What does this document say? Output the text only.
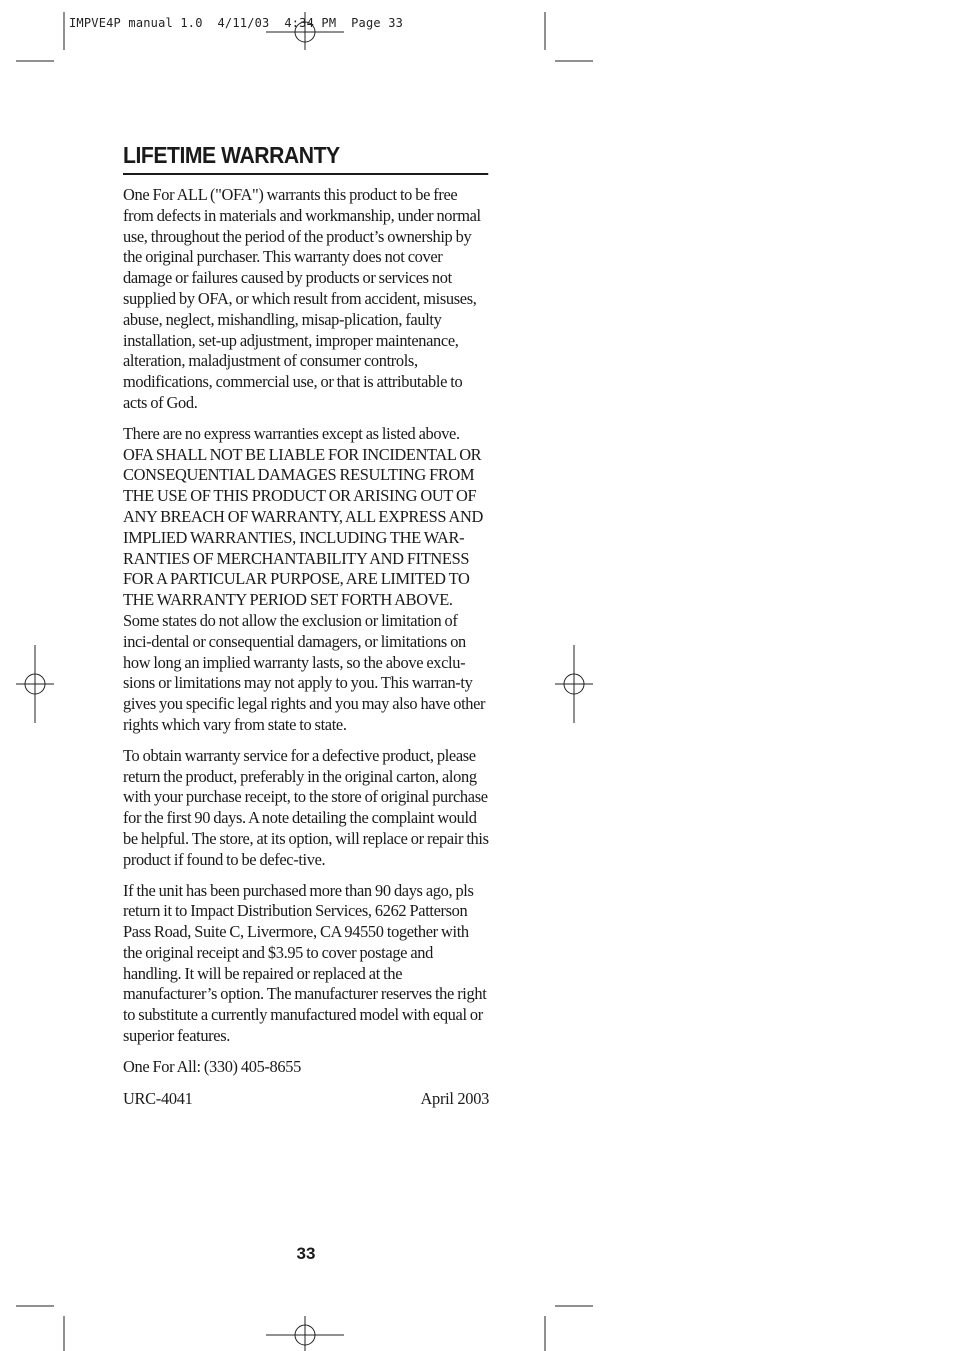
IMPVE4P manual 1.0  4/11/03  4:34 PM  Page 33
LIFETIME WARRANTY

One For ALL ("OFA") warrants this product to be free from defects in materials and workmanship, under normal use, throughout the period of the product’s ownership by the original purchaser. This warranty does not cover damage or failures caused by products or services not supplied by OFA, or which result from accident, misuses, abuse, neglect, mishandling, misap-plication, faulty installation, set-up adjustment, improper maintenance, alteration, maladjustment of consumer controls, modifications, commercial use, or that is attributable to acts of God.

There are no express warranties except as listed above. OFA SHALL NOT BE LIABLE FOR INCIDENTAL OR CONSEQUENTIAL DAMAGES RESULTING FROM THE USE OF THIS PRODUCT OR ARISING OUT OF ANY BREACH OF WARRANTY, ALL EXPRESS AND IMPLIED WARRANTIES, INCLUDING THE WAR-RANTIES OF MERCHANTABILITY AND FITNESS FOR A PARTICULAR PURPOSE, ARE LIMITED TO THE WARRANTY PERIOD SET FORTH ABOVE. Some states do not allow the exclusion or limitation of inci-dental or consequential damagers, or limitations on how long an implied warranty lasts, so the above exclu-sions or limitations may not apply to you. This warran-ty gives you specific legal rights and you may also have other rights which vary from state to state.

To obtain warranty service for a defective product, please return the product, preferably in the original carton, along with your purchase receipt, to the store of original purchase for the first 90 days. A note detailing the complaint would be helpful. The store, at its option, will replace or repair this product if found to be defec-tive.

If the unit has been purchased more than 90 days ago, pls return it to Impact Distribution Services, 6262 Patterson Pass Road, Suite C, Livermore, CA 94550 together with the original receipt and $3.95 to cover postage and handling. It will be repaired or replaced at the manufacturer’s option. The manufacturer reserves the right to substitute a currently manufactured model with equal or superior features.

One For All: (330) 405-8655

URC-4041	April 2003
33
